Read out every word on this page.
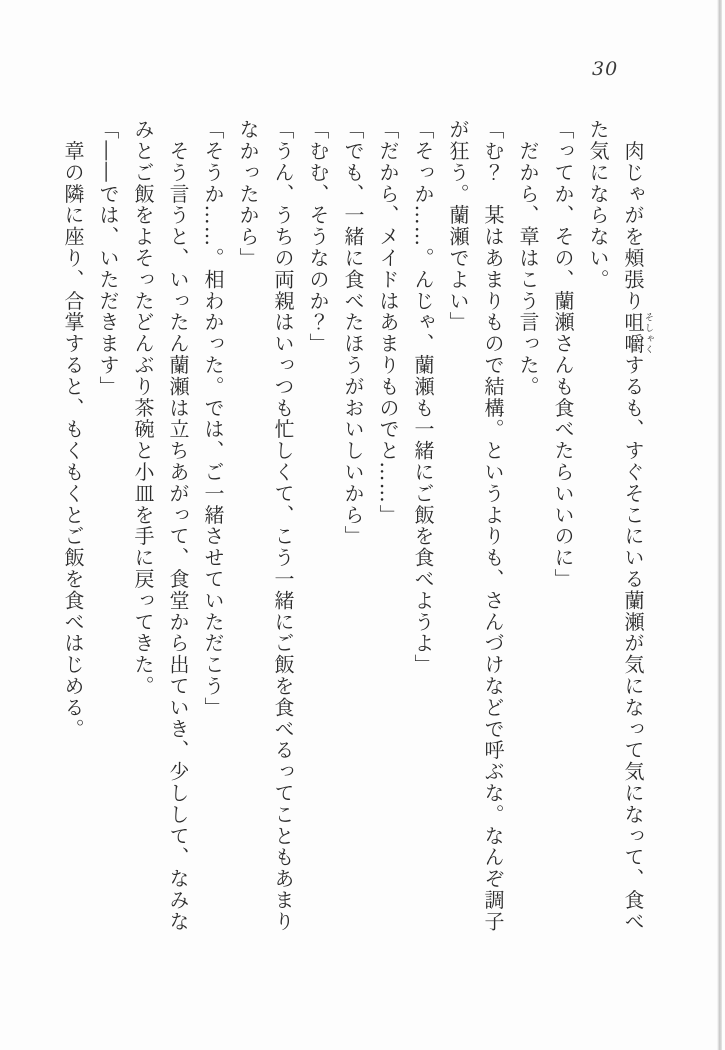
30

　肉じゃがを頰張り咀嚼そしゃくするも、すぐそこにいる蘭瀬が気になって気になって、食べ

た気にならない。

「ってか、その、蘭瀬さんも食べたらいいのに」

　だから、章はこう言った。

「む？　某はあまりもので結構。というよりも、さんづけなどで呼ぶな。なんぞ調子

が狂う。蘭瀬でよい」

「そっか……。んじゃ、蘭瀬も一緒にご飯を食べようよ」

「だから、メイドはあまりものでと……」

「でも、一緒に食べたほうがおいしいから」

「むむ、そうなのか？」

「うん、うちの両親はいっつも忙しくて、こう一緒にご飯を食べるってこともあまり

なかったから」

「そうか……。相わかった。では、ご一緒させていただこう」

　そう言うと、いったん蘭瀬は立ちあがって、食堂から出ていき、少しして、なみな

みとご飯をよそったどんぶり茶碗と小皿を手に戻ってきた。

「――では、いただきます」

　章の隣に座り、合掌すると、もくもくとご飯を食べはじめる。
